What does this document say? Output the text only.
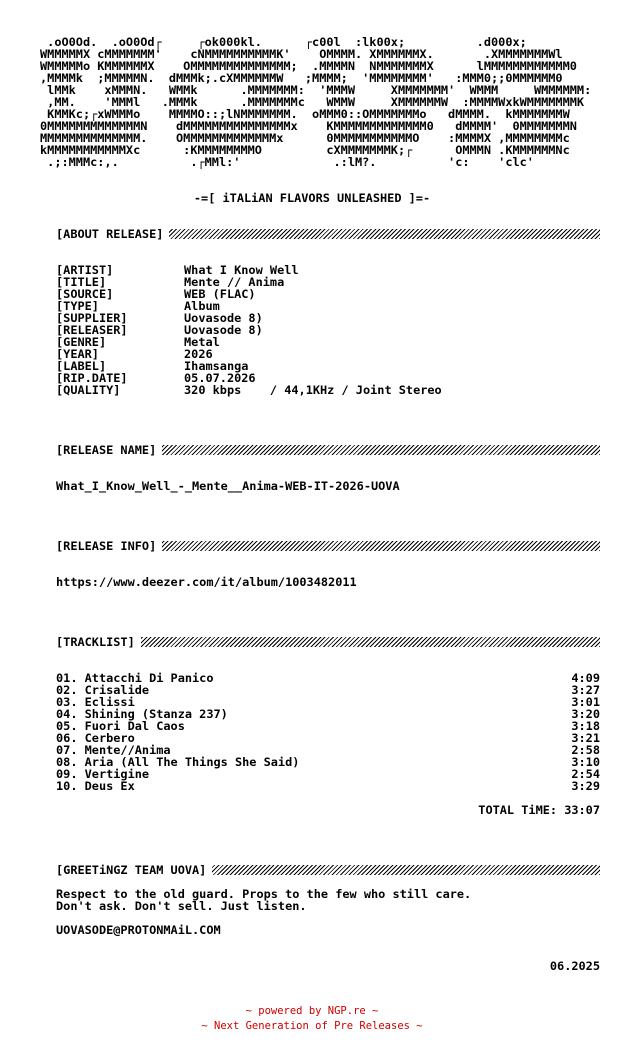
.oO0Od.  .oO0Od┌     ┌ok000kl.      ┌c00l  :lk00x;          .d000x;
WMMMMMX cMMMMMMM'    cNMMMMMMMMMMK'    OMMMM. XMMMMMMX.       .XMMMMMMMWl
WMMMMMo KMMMMMMX    OMMMMMMMMMMMMMM;  .MMMMN  NMMMMMMMX      lMMMMMMMMMMMM0
,MMMMk  ;MMMMMN.  dMMMk;.cXMMMMMMW   ;MMMM;  'MMMMMMMM'   :MMM0;;0MMMMMM0
lMMk    xMMMN.   WMMk      .MMMMMMM:  'MMMW     XMMMMMMM'  WMMM     WMMMMMM:
,MM.    'MMMl   .MMMk      .MMMMMMMc   WMMW     XMMMMMMW  :MMMMWxkWMMMMMMMK
KMMKc;┌xWMMMo    MMMMO::;lNMMMMMMM.  oMMM0::OMMMMMMMo   dMMMM.  kMMMMMMMW
0MMMMMMMMMMMMMN    dMMMMMMMMMMMMMMMx    KMMMMMMMMMMMMM0   dMMMM'  0MMMMMMMN
MMMMMMMMMMMMMM.    OMMMMMMMMMMMMMx      0MMMMMMMMMMMO    :MMMMX ,MMMMMMMMc
kMMMMMMMMMMMXc      :KMMMMMMMMO         cXMMMMMMMK;┌      OMMMN .KMMMMMMNc
.;:MMMc:,.          .┌MMl:'             .:lM?.          'c:    'clc'
-=[ iTALiAN FLAVORS UNLEASHED ]=-
[ABOUT RELEASE]
[ARTIST]	What I Know Well
[TITLE]	Mente // Anima
[SOURCE]	WEB (FLAC)
[TYPE]	Album
[SUPPLIER]	Uovasode 8)
[RELEASER]	Uovasode 8)
[GENRE]	Metal
[YEAR]	2026
[LABEL]	Ihamsanga
[RIP.DATE]	05.07.2026
[QUALITY]	320 kbps    / 44,1KHz / Joint Stereo
[RELEASE NAME]
What_I_Know_Well_-_Mente__Anima-WEB-IT-2026-UOVA
[RELEASE INFO]
https://www.deezer.com/it/album/1003482011
[TRACKLIST]
01. Attacchi Di Panico	4:09
02. Crisalide	3:27
03. Eclissi	3:01
04. Shining (Stanza 237)	3:20
05. Fuori Dal Caos	3:18
06. Cerbero	3:21
07. Mente//Anima	2:58
08. Aria (All The Things She Said)	3:10
09. Vertigine	2:54
10. Deus Ex	3:29
TOTAL TiME: 33:07
[GREETiNGZ TEAM UOVA]
Respect to the old guard. Props to the few who still care.
Don't ask. Don't sell. Just listen.
UOVASODE@PROTONMAiL.COM
06.2025
~ powered by NGP.re ~
~ Next Generation of Pre Releases ~
